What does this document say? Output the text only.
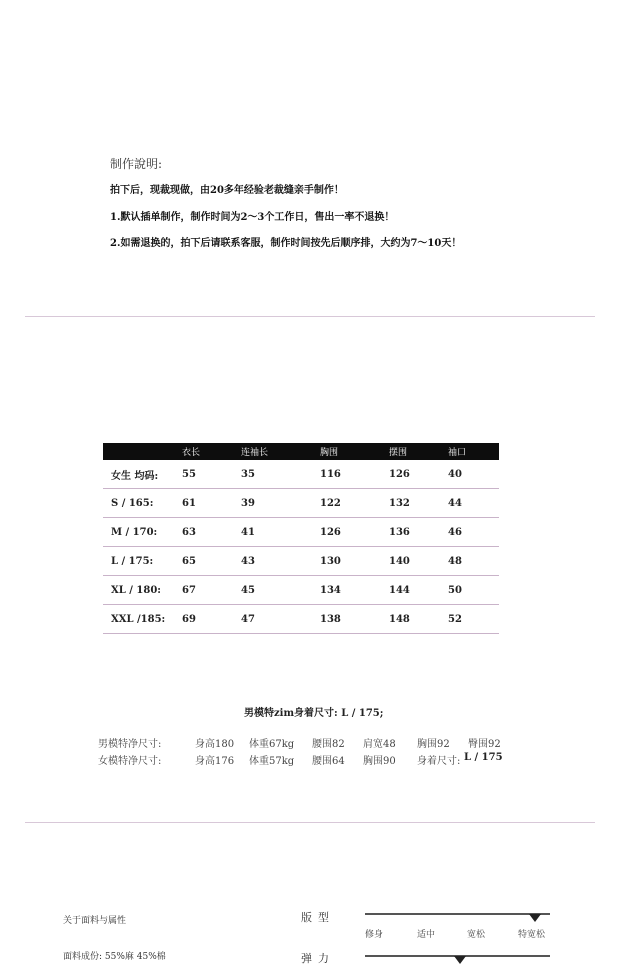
制作說明:
拍下后，现裁现做，由20多年经验老裁缝亲手制作！
1.默认插单制作，制作时间为2～3个工作日，售出一率不退换！
2.如需退换的，拍下后请联系客服，制作时间按先后顺序排，大约为7～10天！
	衣长	连袖长	胸围	摆围	袖口
女生 均码:	55	35	116	126	40
S / 165:	61	39	122	132	44
M / 170:	63	41	126	136	46
L / 175:	65	43	130	140	48
XL / 180:	67	45	134	144	50
XXL /185:	69	47	138	148	52
男模特zim身着尺寸: L / 175;
男模特净尺寸:	身高180 体重67kg 腰围82 肩宽48 胸围92 臀围92
女模特净尺寸:	身高176 体重57kg 腰围64 胸围90 身着尺寸: L / 175
关于面料与属性
面料成份: 55%麻 45%棉
版型
修身	适中	宽松	特宽松
弹力
